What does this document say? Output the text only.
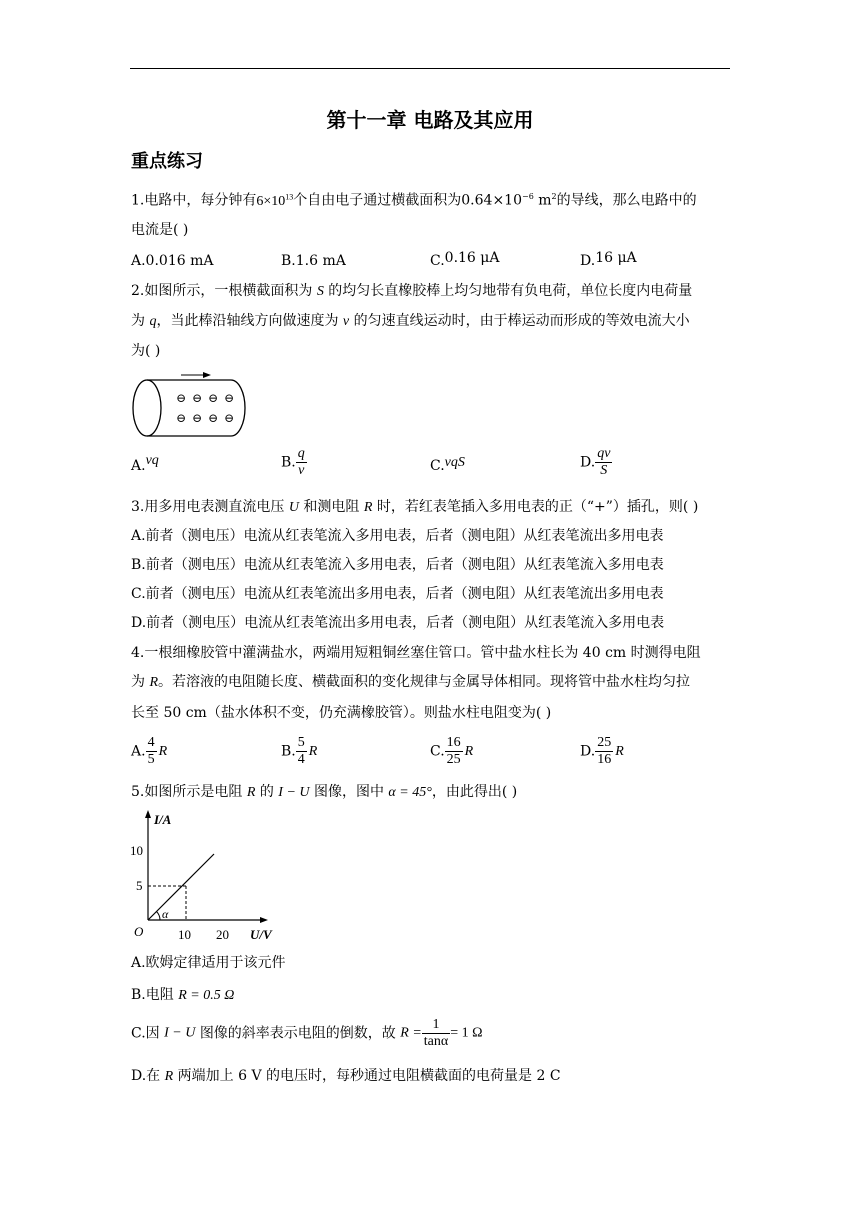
第十一章 电路及其应用
重点练习
1.电路中，每分钟有$6\times 10^{13}$个自由电子通过横截面积为$0.64\times 10^{-6}$ $m^2$的导线，那么电路中的
电流是( )
A.0.016 mA	B.1.6 mA	C.0.16 μA	D.16 μA
2.如图所示，一根横截面积为 S 的均匀长直橡胶棒上均匀地带有负电荷，单位长度内电荷量
为 q，当此棒沿轴线方向做速度为 v 的匀速直线运动时，由于棒运动而形成的等效电流大小
为( )
⊖ ⊖ ⊖ ⊖
⊖ ⊖ ⊖ ⊖
A.vq	B. $\frac{q}{v}$	C.vqS	D. $\frac{qv}{S}$
3.用多用电表测直流电压 U 和测电阻 R 时，若红表笔插入多用电表的正（“+”）插孔，则( )
A.前者（测电压）电流从红表笔流入多用电表，后者（测电阻）从红表笔流出多用电表
B.前者（测电压）电流从红表笔流入多用电表，后者（测电阻）从红表笔流入多用电表
C.前者（测电压）电流从红表笔流出多用电表，后者（测电阻）从红表笔流出多用电表
D.前者（测电压）电流从红表笔流出多用电表，后者（测电阻）从红表笔流入多用电表
4.一根细橡胶管中灌满盐水，两端用短粗铜丝塞住管口。管中盐水柱长为 40 cm 时测得电阻
为 R。若溶液的电阻随长度、横截面积的变化规律与金属导体相同。现将管中盐水柱均匀拉
长至 50 cm（盐水体积不变，仍充满橡胶管）。则盐水柱电阻变为( )
A. $\frac{4}{5}$ R	B. $\frac{5}{4}$ R	C. $\frac{16}{25}$ R	D. $\frac{25}{16}$ R
5.如图所示是电阻 R 的 I − U 图像，图中 α = 45°，由此得出( )
I/A
U/V
O
10
5
10 20
α
A.欧姆定律适用于该元件
B.电阻 R = 0.5 Ω
C.因 I − U 图像的斜率表示电阻的倒数，故 $R = \frac{1}{\tan\alpha} = 1$ Ω
D.在 R 两端加上 6 V 的电压时，每秒通过电阻横截面的电荷量是 2 C
